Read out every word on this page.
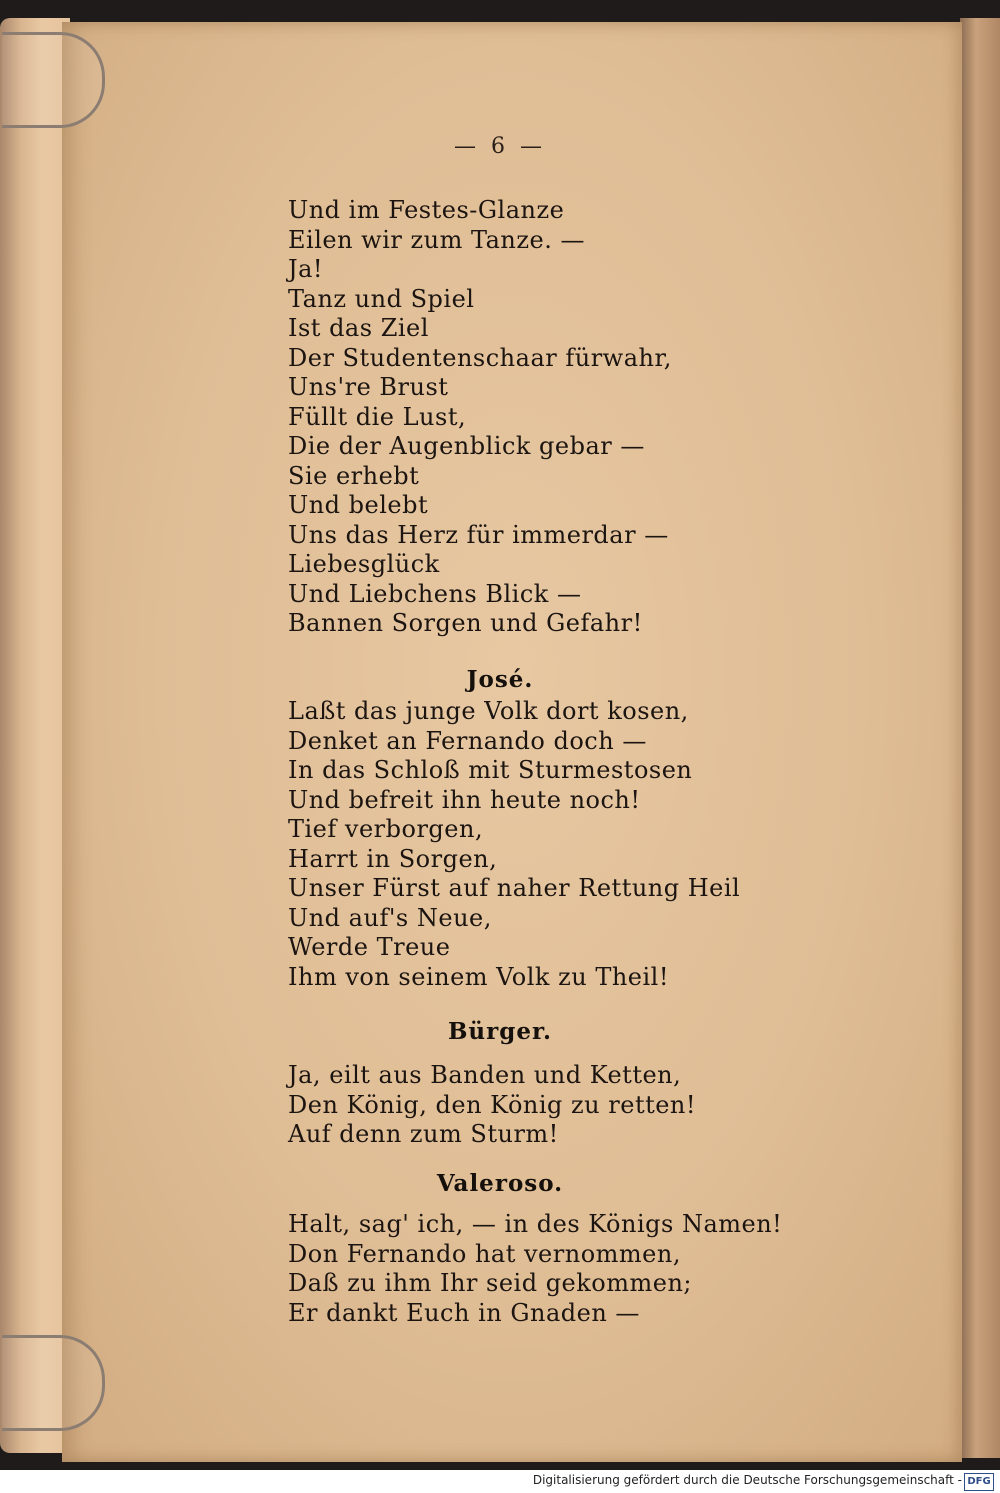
— 6 —
Und im Festes-Glanze
Eilen wir zum Tanze. —
Ja!
Tanz und Spiel
Ist das Ziel
Der Studentenschaar fürwahr,
Uns're Brust
Füllt die Lust,
Die der Augenblick gebar —
Sie erhebt
Und belebt
Uns das Herz für immerdar —
Liebesglück
Und Liebchens Blick —
Bannen Sorgen und Gefahr!
José.
Laßt das junge Volk dort kosen,
Denket an Fernando doch —
In das Schloß mit Sturmestosen
Und befreit ihn heute noch!
Tief verborgen,
Harrt in Sorgen,
Unser Fürst auf naher Rettung Heil
Und auf's Neue,
Werde Treue
Ihm von seinem Volk zu Theil!
Bürger.
Ja, eilt aus Banden und Ketten,
Den König, den König zu retten!
Auf denn zum Sturm!
Valeroso.
Halt, sag' ich, — in des Königs Namen!
Don Fernando hat vernommen,
Daß zu ihm Ihr seid gekommen;
Er dankt Euch in Gnaden —
Digitalisierung gefördert durch die Deutsche Forschungsgemeinschaft - DFG
